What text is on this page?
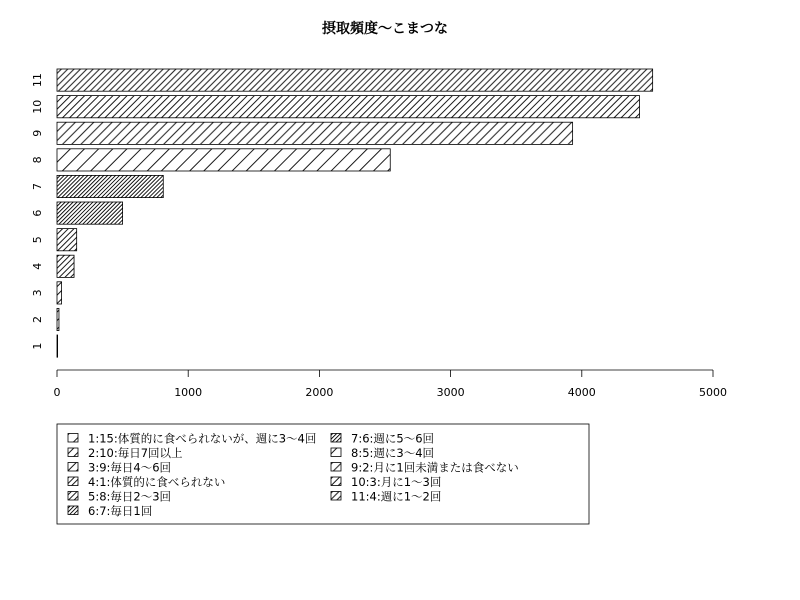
摂取頻度〜こまつな
1
2
3
4
5
6
7
8
9
10
11
0	1000	2000	3000	4000	5000
1:15:体質的に食べられないが、週に3〜4回
2:10:毎日7回以上
3:9:毎日4〜6回
4:1:体質的に食べられない
5:8:毎日2〜3回
6:7:毎日1回
7:6:週に5〜6回
8:5:週に3〜4回
9:2:月に1回未満または食べない
10:3:月に1〜3回
11:4:週に1〜2回
